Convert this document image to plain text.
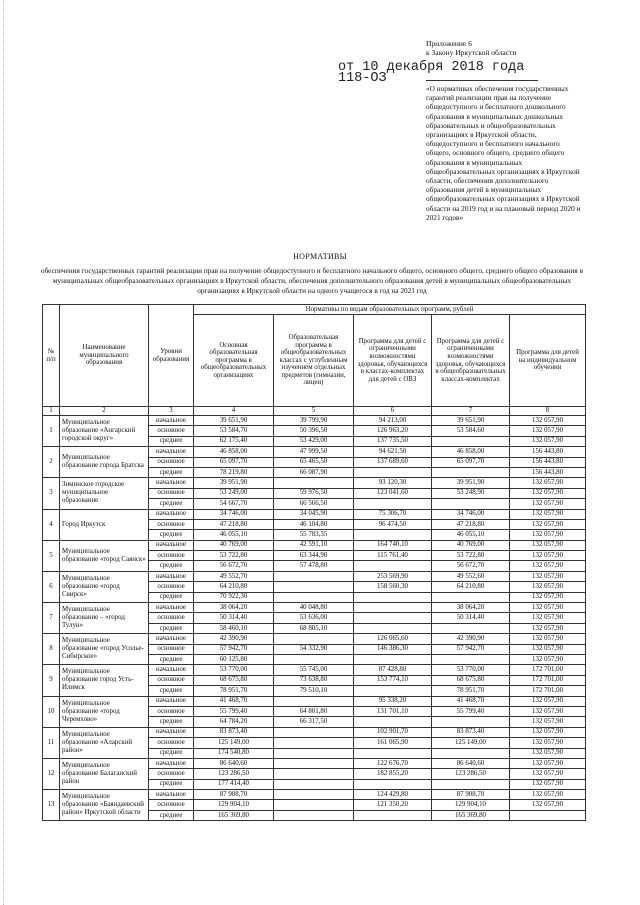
Приложение 6
к Закону Иркутской области
от 10 декабря 2018 года
118-ОЗ
«О нормативах обеспечения государственных гарантий реализации прав на получение общедоступного и бесплатного дошкольного образования в муниципальных дошкольных образовательных и общеобразовательных организациях в Иркутской области, общедоступного и бесплатного начального общего, основного общего, среднего общего образования в муниципальных общеобразовательных организациях в Иркутской области, обеспечения дополнительного образования детей в муниципальных общеобразовательных организациях в Иркутской области на 2019 год и на плановый период 2020 и 2021 годов»
НОРМАТИВЫ
обеспечения государственных гарантий реализации прав на получение общедоступного и бесплатного начального общего, основного общего, среднего общего образования в муниципальных общеобразовательных организациях в Иркутской области, обеспечения дополнительного образования детей в муниципальных общеобразовательных организациях в Иркутской области на одного учащегося в год на 2021 год
№ п/п	Наименование муниципального образования	Уровни образования	Нормативы по видам образовательных программ, рублей				
			Основная образовательная программа в общеобразовательных организациях	Образовательная программа в общеобразовательных классах с углубленным изучением отдельных предметов (гимназии, лицеи)	Программа для детей с ограниченными возможностями здоровья, обучающихся в классах-комплектах для детей с ОВЗ	Программа для детей с ограниченными возможностями здоровья, обучающихся в общеобразовательных классах-комплектах	Программа для детей на индивидуальном обучении
1	2	3	4	5	6	7	8
1	Муниципальное образование «Ангарский городской округ»	начальное	39 651,90	39 799,90	94 213,00	39 651,90	132 057,90
		основное	53 584,70	50 396,50	126 963,20	53 584,60	132 057,90
		среднее	62 175,40	53 429,00	137 735,50		132 057,90
2	Муниципальное образование города Братска	начальное	46 858,00	47 999,50	94 621,50	46 858,00	156 443,80
		основное	65 097,70	65 465,50	137 689,60	65 097,70	156 443,80
		среднее	78 219,80	66 087,90			156 443,80
3	Зиминское городское муниципальное образование	начальное	39 951,90		93 120,30	39 951,90	132 057,90
		основное	53 249,00	59 976,50	123 041,60	53 248,90	132 057,90
		среднее	54 667,70	66 566,50			132 057,90
4	Город Иркутск	начальное	34 746,00	34 045,90	75 306,70	34 746,00	132 057,90
		основное	47 218,80	46 104,80	96 474,50	47 218,80	132 057,90
		среднее	46 055,10	55 783,35		46 055,10	132 057,90
5	Муниципальное образование «город Саянск»	начальное	40 769,00	42 591,10	164 740,10	40 769,00	132 057,90
		основное	53 722,80	63 344,90	115 761,40	53 722,80	132 057,90
		среднее	56 672,70	57 478,80		56 672,70	132 057,90
6	Муниципальное образование «город Свирск»	начальное	49 552,70		253 569,90	49 552,60	132 057,90
		основное	64 210,80		158 560,30	64 210,80	132 057,90
		среднее	70 922,30				132 057,90
7	Муниципальное образование – «город Тулун»	начальное	38 064,20	40 048,80		38 064,20	132 057,90
		основное	50 314,40	53 636,00		50 314,40	132 057,90
		среднее	58 460,10	68 805,10			132 057,90
8	Муниципальное образование «город Усолье-Сибирское»	начальное	42 390,90		126 065,60	42 390,90	132 057,90
		основное	57 942,70	54 332,90	146 386,30	57 942,70	132 057,90
		среднее	60 125,80				132 057,90
9	Муниципальное образование город Усть-Илимск	начальное	53 770,00	55 745,00	87 428,80	53 770,00	172 701,00
		основное	68 675,80	73 638,80	153 774,10	68 675,80	172 701,00
		среднее	78 951,70	79 510,10		78 951,70	172 701,00
10	Муниципальное образование «город Черемхово»	начальное	41 468,70		95 338,20	41 468,70	132 057,90
		основное	55 799,40	64 801,80	131 701,10	55 799,40	132 057,90
		среднее	64 784,20	66 317,50			132 057,90
11	Муниципальное образование «Аларский район»	начальное	83 873,40		102 901,70	83 873,40	132 057,90
		основное	125 149,00		161 065,90	125 149,00	132 057,90
		среднее	174 540,80				132 057,90
12	Муниципальное образование Балаганский район	начальное	86 640,60		122 676,70	86 640,60	132 057,90
		основное	123 286,50		182 855,20	123 286,50	132 057,90
		среднее	177 414,40				132 057,90
13	Муниципальное образование «Баяндаевский район» Иркутской области	начальное	87 908,70		124 429,80	87 908,70	132 057,90
		основное	129 904,10		121 350,20	129 904,10	132 057,90
		среднее	165 369,80			165 369,80	
